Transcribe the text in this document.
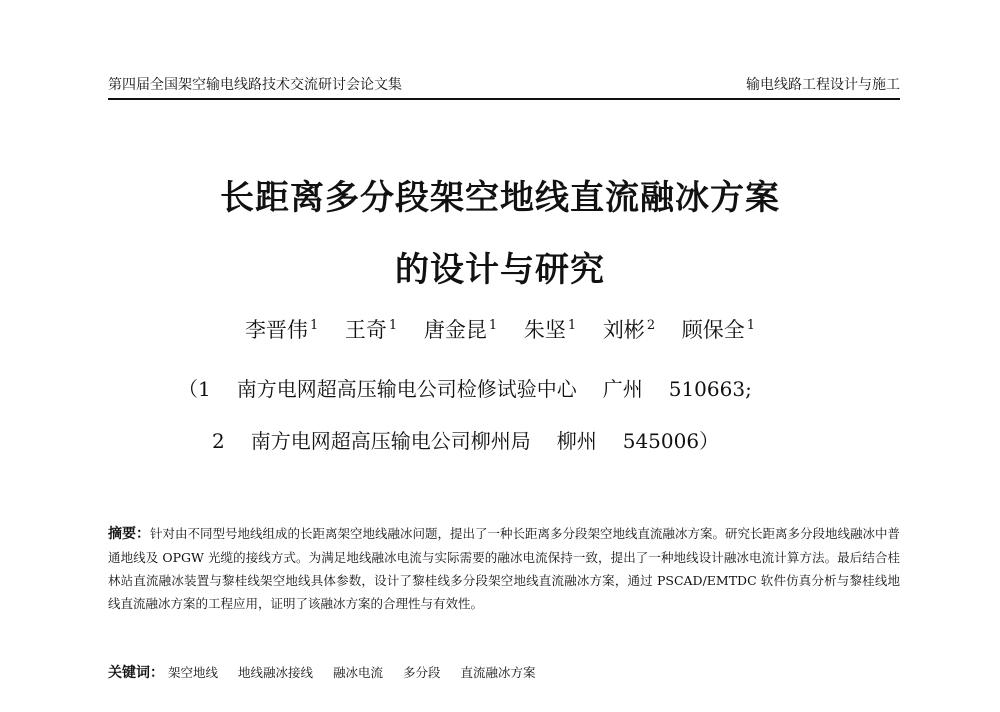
第四届全国架空输电线路技术交流研讨会论文集	输电线路工程设计与施工
长距离多分段架空地线直流融冰方案
的设计与研究
李晋伟 $^1$ 王奇 $^1$ 唐金昆 $^1$ 朱坚 $^1$ 刘彬 $^2$ 顾保全 $^1$
（1 南方电网超高压输电公司检修试验中心 广州 510663;
2 南方电网超高压输电公司柳州局 柳州 545006）
摘要：针对由不同型号地线组成的长距离架空地线融冰问题，提出了一种长距离多分段架空地线直流融冰方案。研究长距离多分段地线融冰中普通地线及 OPGW 光缆的接线方式。为满足地线融冰电流与实际需要的融冰电流保持一致，提出了一种地线设计融冰电流计算方法。最后结合桂林站直流融冰装置与黎桂线架空地线具体参数，设计了黎桂线多分段架空地线直流融冰方案，通过 PSCAD/EMTDC 软件仿真分析与黎桂线地线直流融冰方案的工程应用，证明了该融冰方案的合理性与有效性。
关键词： 架空地线 地线融冰接线 融冰电流 多分段 直流融冰方案
